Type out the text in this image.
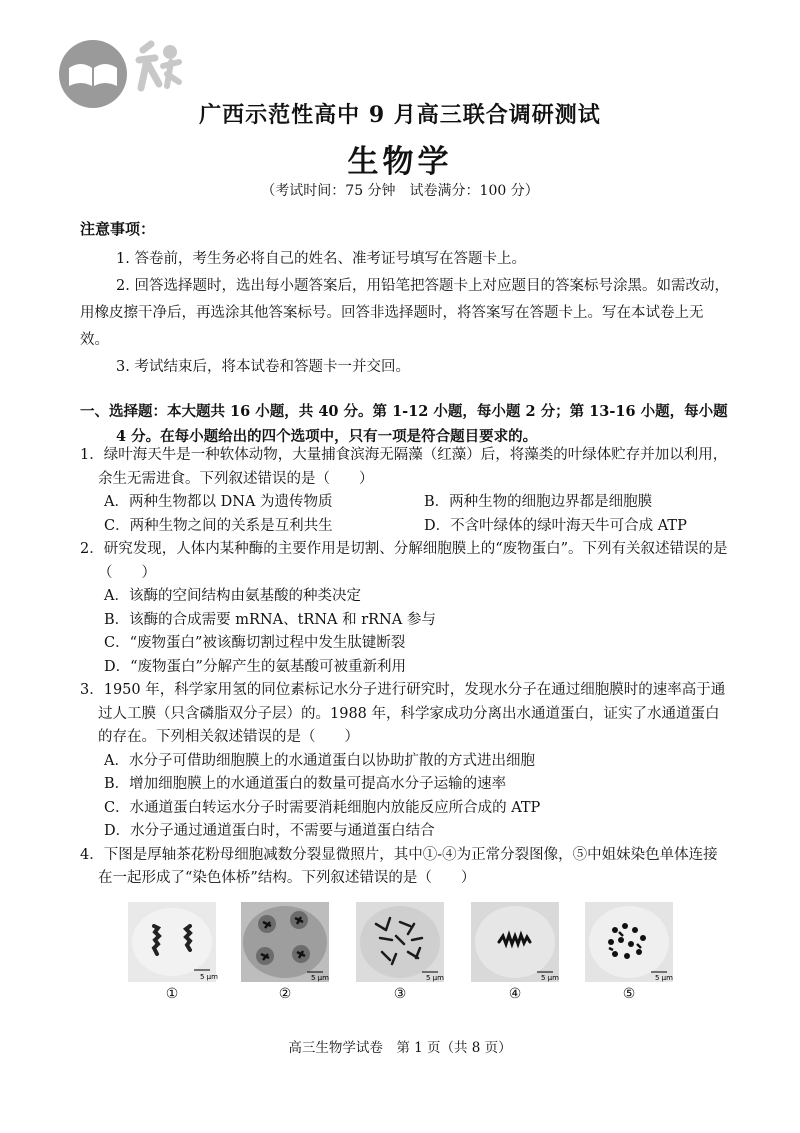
广西示范性高中 9 月高三联合调研测试
生物学
（考试时间：75 分钟　试卷满分：100 分）
注意事项：

1. 答卷前，考生务必将自己的姓名、准考证号填写在答题卡上。

2. 回答选择题时，选出每小题答案后，用铅笔把答题卡上对应题目的答案标号涂黑。如需改动，用橡皮擦干净后，再选涂其他答案标号。回答非选择题时，将答案写在答题卡上。写在本试卷上无效。

3. 考试结束后，将本试卷和答题卡一并交回。

一、选择题：本大题共 16 小题，共 40 分。第 1-12 小题，每小题 2 分；第 13-16 小题，每小题
4 分。在每小题给出的四个选项中，只有一项是符合题目要求的。
1．绿叶海天牛是一种软体动物，大量捕食滨海无隔藻（红藻）后，将藻类的叶绿体贮存并加以利用，余生无需进食。下列叙述错误的是（　　）
A．两种生物都以 DNA 为遗传物质	B．两种生物的细胞边界都是细胞膜
C．两种生物之间的关系是互利共生	D．不含叶绿体的绿叶海天牛可合成 ATP
2．研究发现，人体内某种酶的主要作用是切割、分解细胞膜上的“废物蛋白”。下列有关叙述错误的是（　　）
A．该酶的空间结构由氨基酸的种类决定
B．该酶的合成需要 mRNA、tRNA 和 rRNA 参与
C．“废物蛋白”被该酶切割过程中发生肽键断裂
D．“废物蛋白”分解产生的氨基酸可被重新利用
3．1950 年，科学家用氢的同位素标记水分子进行研究时，发现水分子在通过细胞膜时的速率高于通过人工膜（只含磷脂双分子层）的。1988 年，科学家成功分离出水通道蛋白，证实了水通道蛋白的存在。下列相关叙述错误的是（　　）
A．水分子可借助细胞膜上的水通道蛋白以协助扩散的方式进出细胞
B．增加细胞膜上的水通道蛋白的数量可提高水分子运输的速率
C．水通道蛋白转运水分子时需要消耗细胞内放能反应所合成的 ATP
D．水分子通过通道蛋白时，不需要与通道蛋白结合
4．下图是厚轴茶花粉母细胞减数分裂显微照片，其中①-④为正常分裂图像，⑤中姐妹染色单体连接在一起形成了“染色体桥”结构。下列叙述错误的是（　　）
5 μm	5 μm	5 μm	5 μm	5 μm
①	②	③	④	⑤
高三生物学试卷　第 1 页（共 8 页）
